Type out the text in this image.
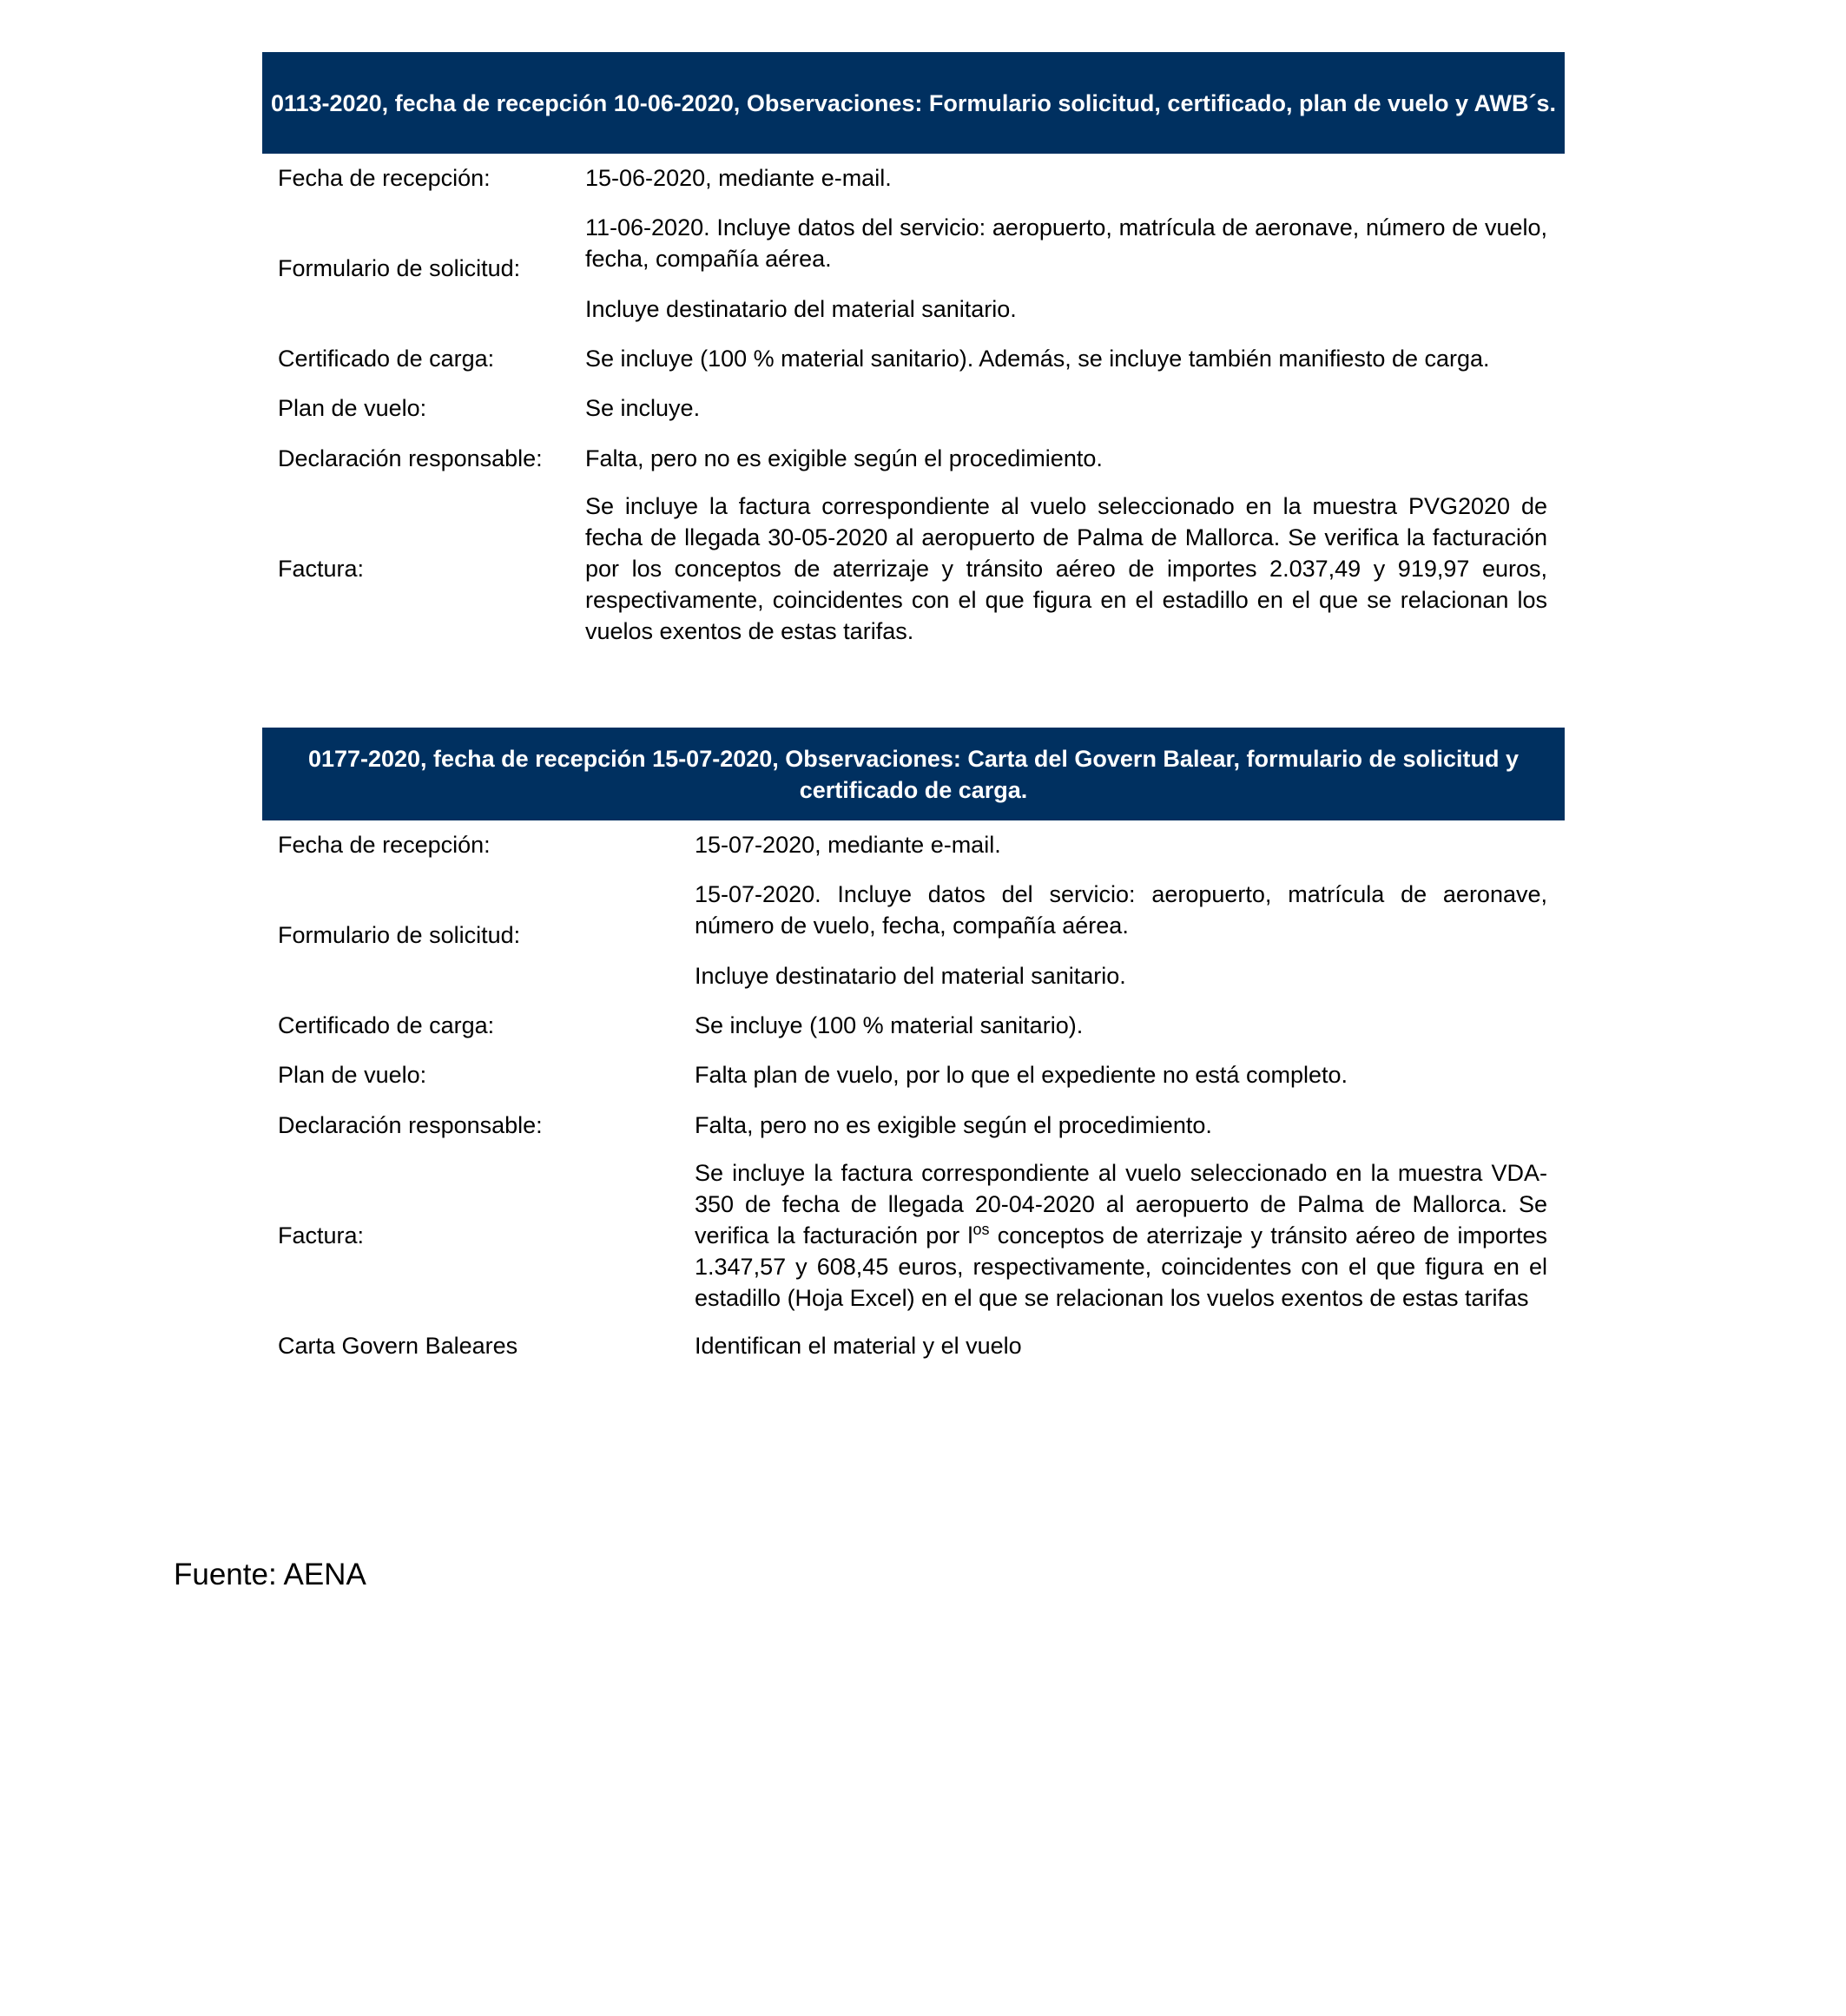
0113-2020, fecha de recepción 10-06-2020, Observaciones: Formulario solicitud, certificado, plan de vuelo y AWB´s.
Fecha de recepción:	15-06-2020, mediante e-mail.

Formulario de solicitud:

11-06-2020. Incluye datos del servicio: aeropuerto, matrícula de aeronave, número de vuelo, fecha, compañía aérea.

Incluye destinatario del material sanitario.

Certificado de carga:	Se incluye (100 % material sanitario). Además, se incluye también manifiesto de carga.

Plan de vuelo:	Se incluye.

Declaración responsable:	Falta, pero no es exigible según el procedimiento.

Factura:

Se incluye la factura correspondiente al vuelo seleccionado en la muestra PVG2020 de fecha de llegada 30-05-2020 al aeropuerto de Palma de Mallorca. Se verifica la facturación por los conceptos de aterrizaje y tránsito aéreo de importes 2.037,49 y 919,97 euros, respectivamente, coincidentes con el que figura en el estadillo en el que se relacionan los vuelos exentos de estas tarifas.

0177-2020, fecha de recepción 15-07-2020, Observaciones: Carta del Govern Balear, formulario de solicitud y
certificado de carga.
Fecha de recepción:	15-07-2020, mediante e-mail.

Formulario de solicitud:

15-07-2020. Incluye datos del servicio: aeropuerto, matrícula de aeronave, número de vuelo, fecha, compañía aérea.

Incluye destinatario del material sanitario.

Certificado de carga:	Se incluye (100 % material sanitario).

Plan de vuelo:	Falta plan de vuelo, por lo que el expediente no está completo.

Declaración responsable:	Falta, pero no es exigible según el procedimiento.

Factura:

Se incluye la factura correspondiente al vuelo seleccionado en la muestra VDA-350 de fecha de llegada 20-04-2020 al aeropuerto de Palma de Mallorca. Se verifica la facturación por $l^{os}$ conceptos de aterrizaje y tránsito aéreo de importes 1.347,57 y 608,45 euros, respectivamente, coincidentes con el que figura en el estadillo (Hoja Excel) en el que se relacionan los vuelos exentos de estas tarifas

Carta Govern Baleares	Identifican el material y el vuelo

Fuente: AENA
